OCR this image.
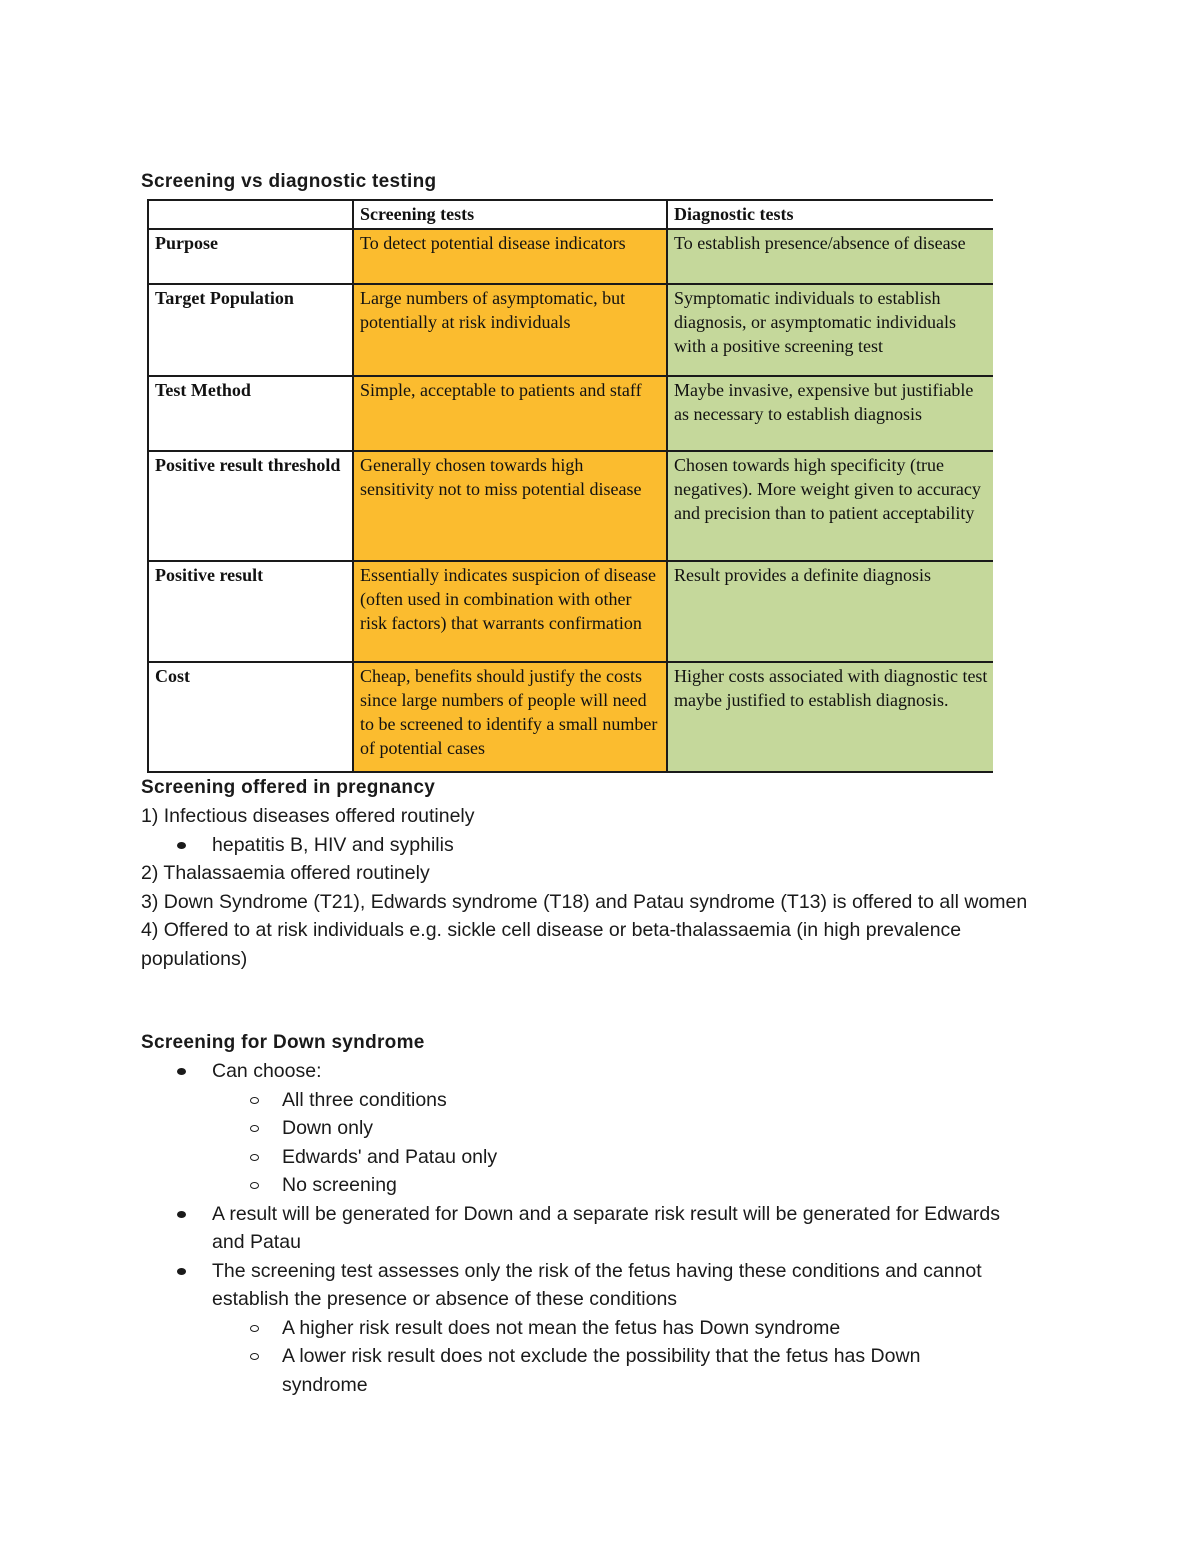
Screening vs diagnostic testing
	Screening tests	Diagnostic tests
Purpose	To detect potential disease indicators	To establish presence/absence of disease
Target Population	Large numbers of asymptomatic, but potentially at risk individuals	Symptomatic individuals to establish diagnosis, or asymptomatic individuals with a positive screening test
Test Method	Simple, acceptable to patients and staff	Maybe invasive, expensive but justifiable as necessary to establish diagnosis
Positive result threshold	Generally chosen towards high sensitivity not to miss potential disease	Chosen towards high specificity (true negatives). More weight given to accuracy and precision than to patient acceptability
Positive result	Essentially indicates suspicion of disease (often used in combination with other risk factors) that warrants confirmation	Result provides a definite diagnosis
Cost	Cheap, benefits should justify the costs since large numbers of people will need to be screened to identify a small number of potential cases	Higher costs associated with diagnostic test maybe justified to establish diagnosis.
Screening offered in pregnancy

1) Infectious diseases offered routinely

hepatitis B, HIV and syphilis

2) Thalassaemia offered routinely

3) Down Syndrome (T21), Edwards syndrome (T18) and Patau syndrome (T13) is offered to all women

4) Offered to at risk individuals e.g. sickle cell disease or beta-thalassaemia (in high prevalence populations)

Screening for Down syndrome
Can choose:
All three conditions
Down only
Edwards' and Patau only
No screening
A result will be generated for Down and a separate risk result will be generated for Edwards and Patau
The screening test assesses only the risk of the fetus having these conditions and cannot establish the presence or absence of these conditions
A higher risk result does not mean the fetus has Down syndrome
A lower risk result does not exclude the possibility that the fetus has Down syndrome
